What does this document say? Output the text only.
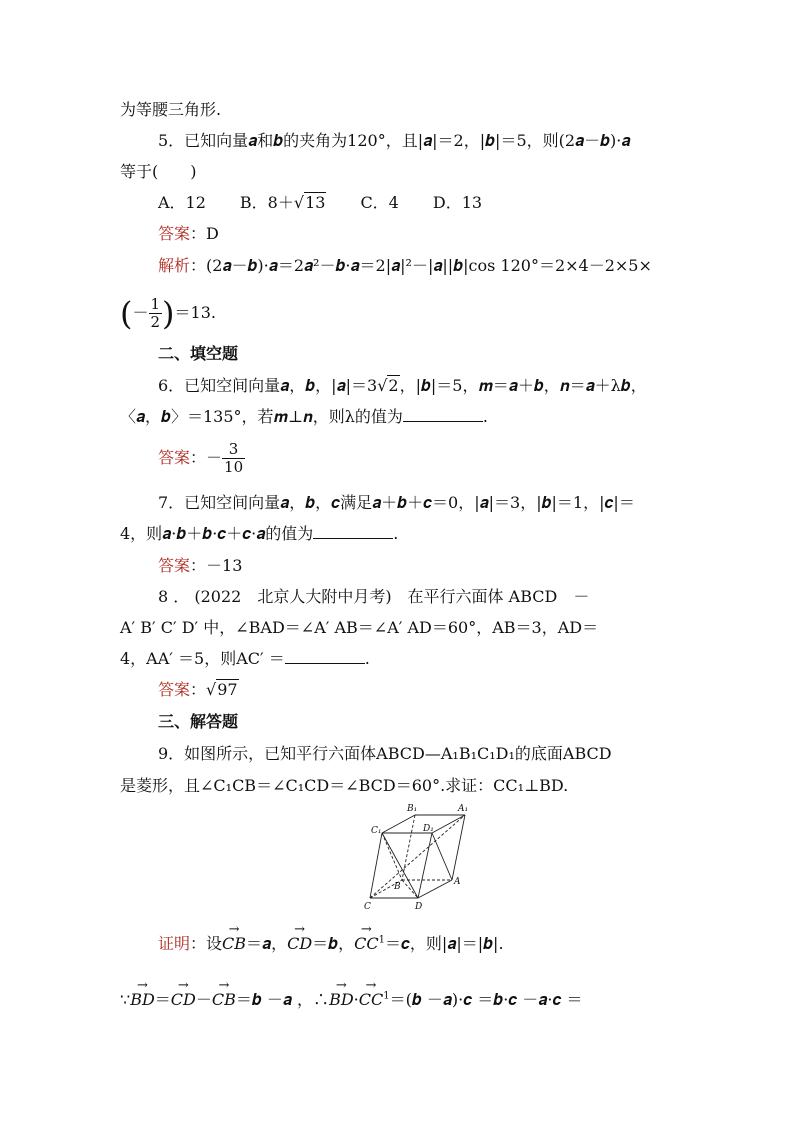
为等腰三角形.
5．已知向量𝒂和𝒃的夹角为120°，且|𝒂|＝2，|𝒃|＝5，则(2𝒂－𝒃)·𝒂
等于(　　)
A．12 B．8＋√13 C．4 D．13
答案：D
解析：(2𝒂－𝒃)·𝒂＝2𝒂²－𝒃·𝒂＝2|𝒂|²－|𝒂||𝒃|cos 120°＝2×4－2×5×
(－ $\frac{1}{2} )=13$.
二、填空题
6．已知空间向量𝒂，𝒃，|𝒂|＝3√2，|𝒃|＝5，𝒎＝𝒂＋𝒃，𝒏＝𝒂＋λ𝒃，
〈𝒂，𝒃〉＝135°，若𝒎⊥𝒏，则λ的值为	.
答案：－ $\frac{3}{10}$
7．已知空间向量𝒂，𝒃，𝒄满足𝒂＋𝒃＋𝒄＝0，|𝒂|＝3，|𝒃|＝1，|𝒄|＝
4，则𝒂·𝒃＋𝒃·𝒄＋𝒄·𝒂的值为	.
答案：－13
8 ． (2022　北京人大附中月考)　在平行六面体 ABCD　－
A′ B′ C′ D′ 中，∠BAD＝∠A′ AB＝∠A′ AD＝60°，AB＝3，AD＝
4，AA′ ＝5，则AC′ ＝	.
答案：√97
三、解答题
9．如图所示，已知平行六面体ABCD—A₁B₁C₁D₁的底面ABCD
是菱形，且∠C₁CB＝∠C₁CD＝∠BCD＝60°.求证：CC₁⊥BD.
B₁	A₁
C₁	D₁
B	A
C	D
证明：设→ CB＝𝒂，→ CD＝𝒃，→ $CC^1=𝒄$，则|𝒂|＝|𝒃|.
∵→ BD＝→ CD－→ CB＝𝒃 －𝒂 ，∴→ $BD\cdot\to CC^1=(𝒃$ －𝒂)·𝒄 ＝𝒃·𝒄 －𝒂·𝒄 ＝
